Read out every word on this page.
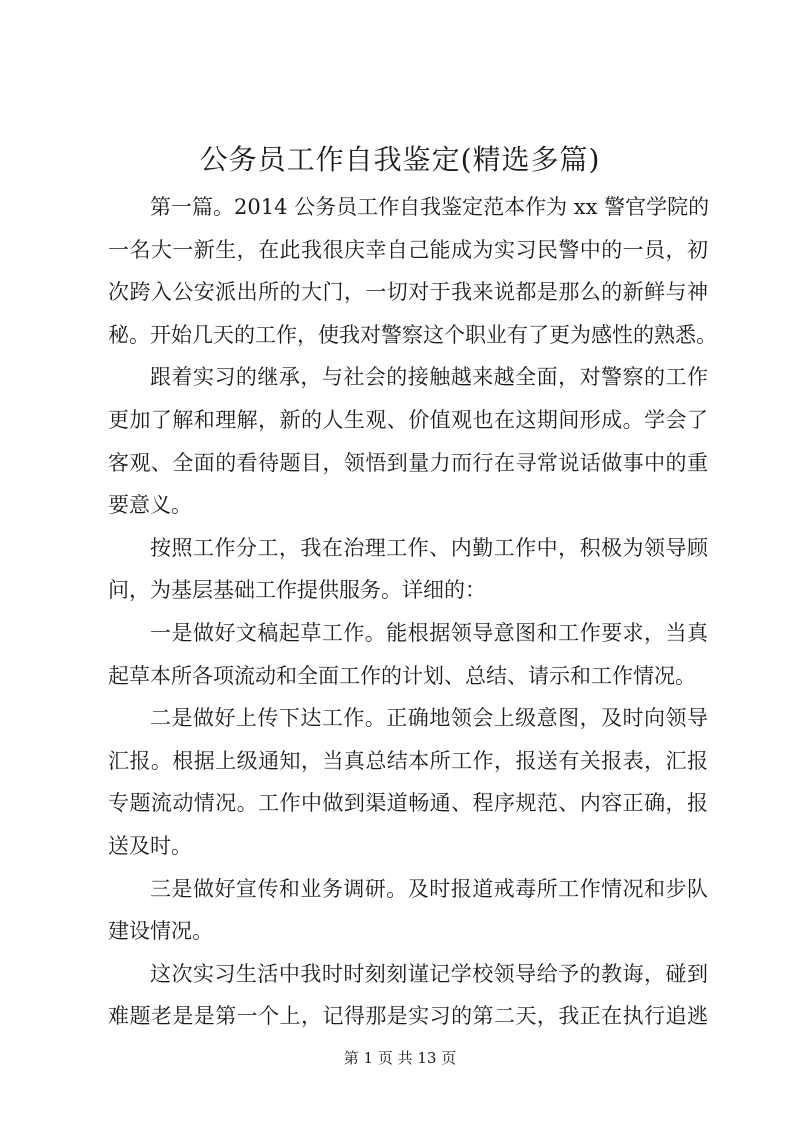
公务员工作自我鉴定(精选多篇)
第一篇。2014 公务员工作自我鉴定范本作为 xx 警官学院的
一名大一新生，在此我很庆幸自己能成为实习民警中的一员，初
次跨入公安派出所的大门，一切对于我来说都是那么的新鲜与神
秘。开始几天的工作，使我对警察这个职业有了更为感性的熟悉。
跟着实习的继承，与社会的接触越来越全面，对警察的工作
更加了解和理解，新的人生观、价值观也在这期间形成。学会了
客观、全面的看待题目，领悟到量力而行在寻常说话做事中的重
要意义。
按照工作分工，我在治理工作、内勤工作中，积极为领导顾
问，为基层基础工作提供服务。详细的：
一是做好文稿起草工作。能根据领导意图和工作要求，当真
起草本所各项流动和全面工作的计划、总结、请示和工作情况。
二是做好上传下达工作。正确地领会上级意图，及时向领导
汇报。根据上级通知，当真总结本所工作，报送有关报表，汇报
专题流动情况。工作中做到渠道畅通、程序规范、内容正确，报
送及时。
三是做好宣传和业务调研。及时报道戒毒所工作情况和步队
建设情况。
这次实习生活中我时时刻刻谨记学校领导给予的教诲，碰到
难题老是是第一个上，记得那是实习的第二天，我正在执行追逃
第 1 页 共 13 页
